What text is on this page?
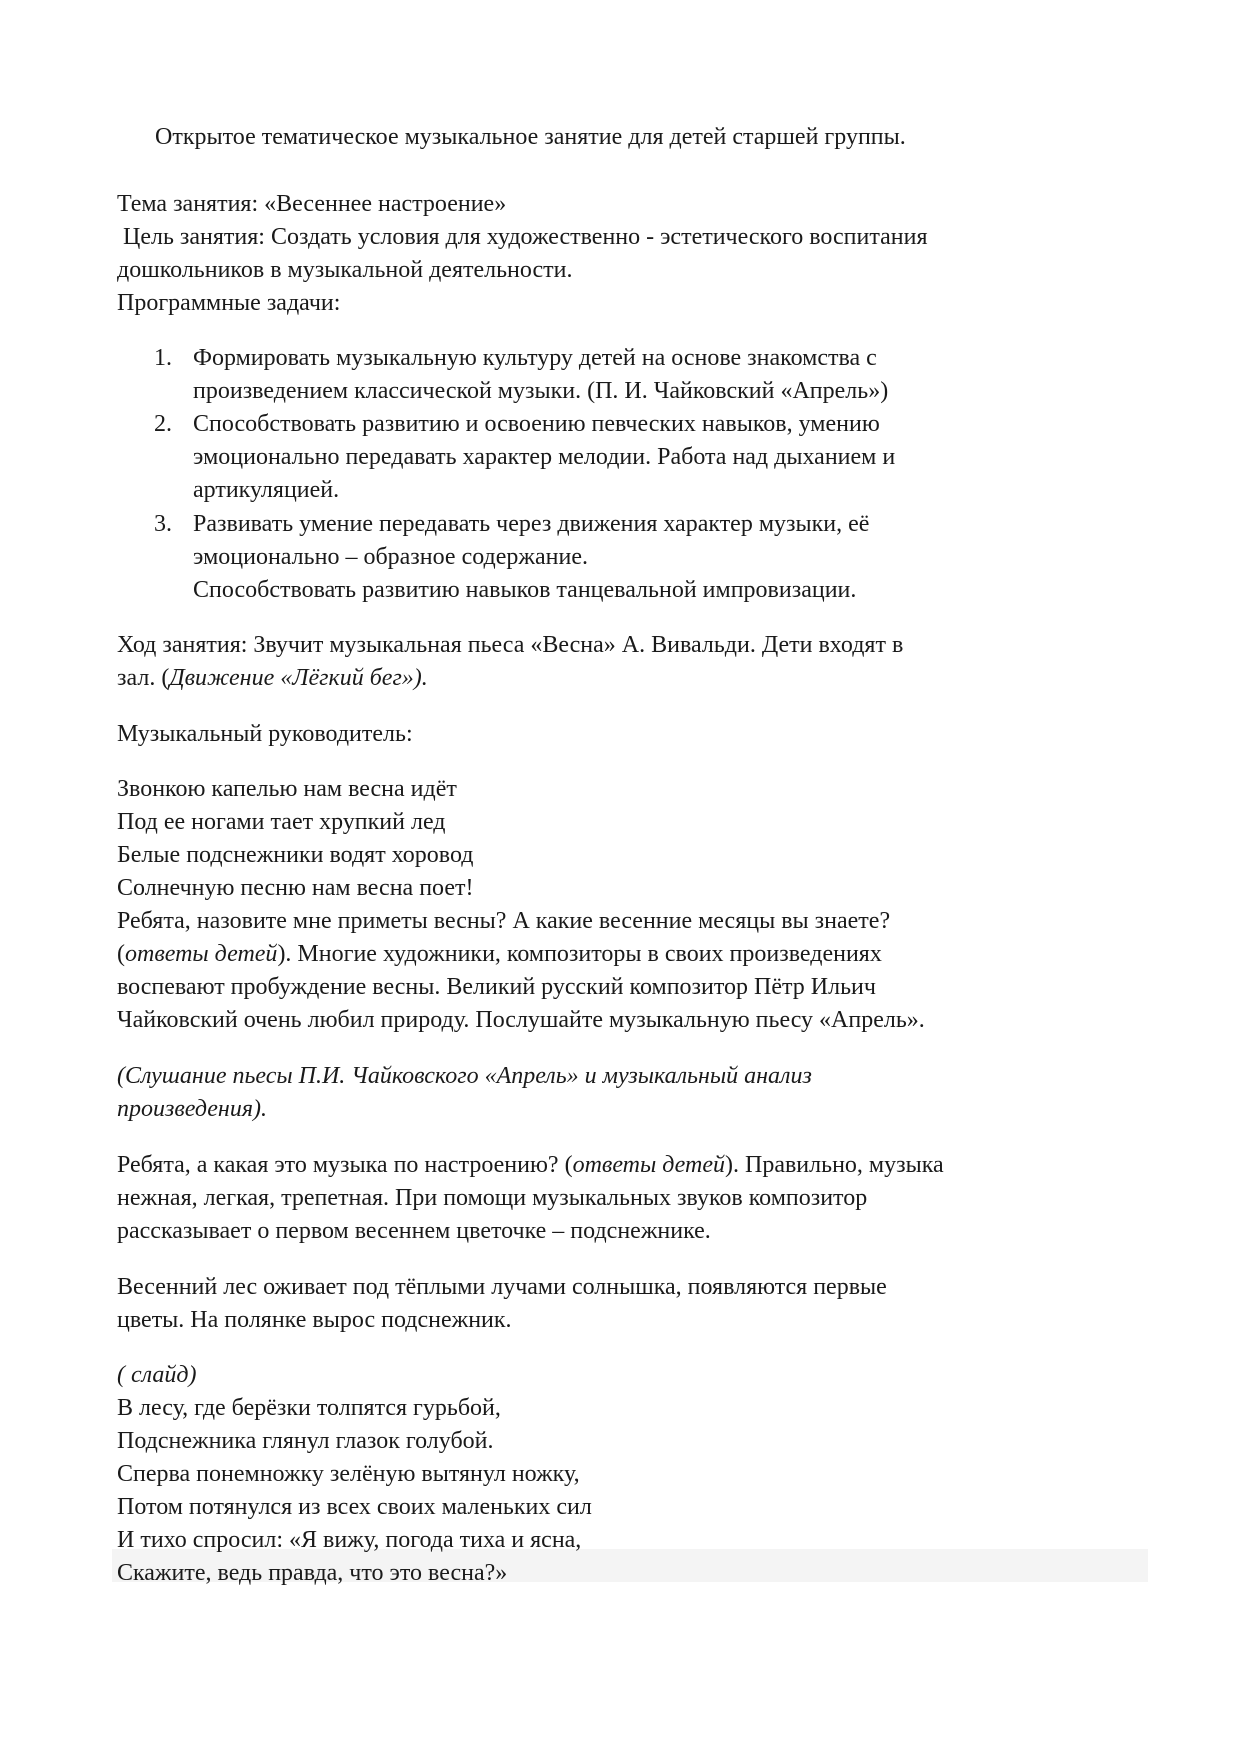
Открытое тематическое музыкальное занятие для детей старшей группы.

Тема занятия: «Весеннее настроение»

Цель занятия: Создать условия для художественно - эстетического воспитания

дошкольников в музыкальной деятельности.

Программные задачи:

1. Формировать музыкальную культуру детей на основе знакомства с

произведением классической музыки. (П. И. Чайковский «Апрель»)

2. Способствовать развитию и освоению певческих навыков, умению

эмоционально передавать характер мелодии. Работа над дыханием и

артикуляцией.

3. Развивать умение передавать через движения характер музыки, её

эмоционально – образное содержание.

Способствовать развитию навыков танцевальной импровизации.

Ход занятия: Звучит музыкальная пьеса «Весна» А. Вивальди. Дети входят в

зал. (Движение «Лёгкий бег»).

Музыкальный руководитель:

Звонкою капелью нам весна идёт

Под ее ногами тает хрупкий лед

Белые подснежники водят хоровод

Солнечную песню нам весна поет!

Ребята, назовите мне приметы весны? А какие весенние месяцы вы знаете?

(ответы детей). Многие художники, композиторы в своих произведениях

воспевают пробуждение весны. Великий русский композитор Пётр Ильич

Чайковский очень любил природу. Послушайте музыкальную пьесу «Апрель».

(Слушание пьесы П.И. Чайковского «Апрель» и музыкальный анализ

произведения).

Ребята, а какая это музыка по настроению? (ответы детей). Правильно, музыка

нежная, легкая, трепетная. При помощи музыкальных звуков композитор

рассказывает о первом весеннем цветочке – подснежнике.

Весенний лес оживает под тёплыми лучами солнышка, появляются первые

цветы. На полянке вырос подснежник.

( слайд)

В лесу, где берёзки толпятся гурьбой,

Подснежника глянул глазок голубой.

Сперва понемножку зелёную вытянул ножку,

Потом потянулся из всех своих маленьких сил

И тихо спросил: «Я вижу, погода тиха и ясна,

Скажите, ведь правда, что это весна?»
